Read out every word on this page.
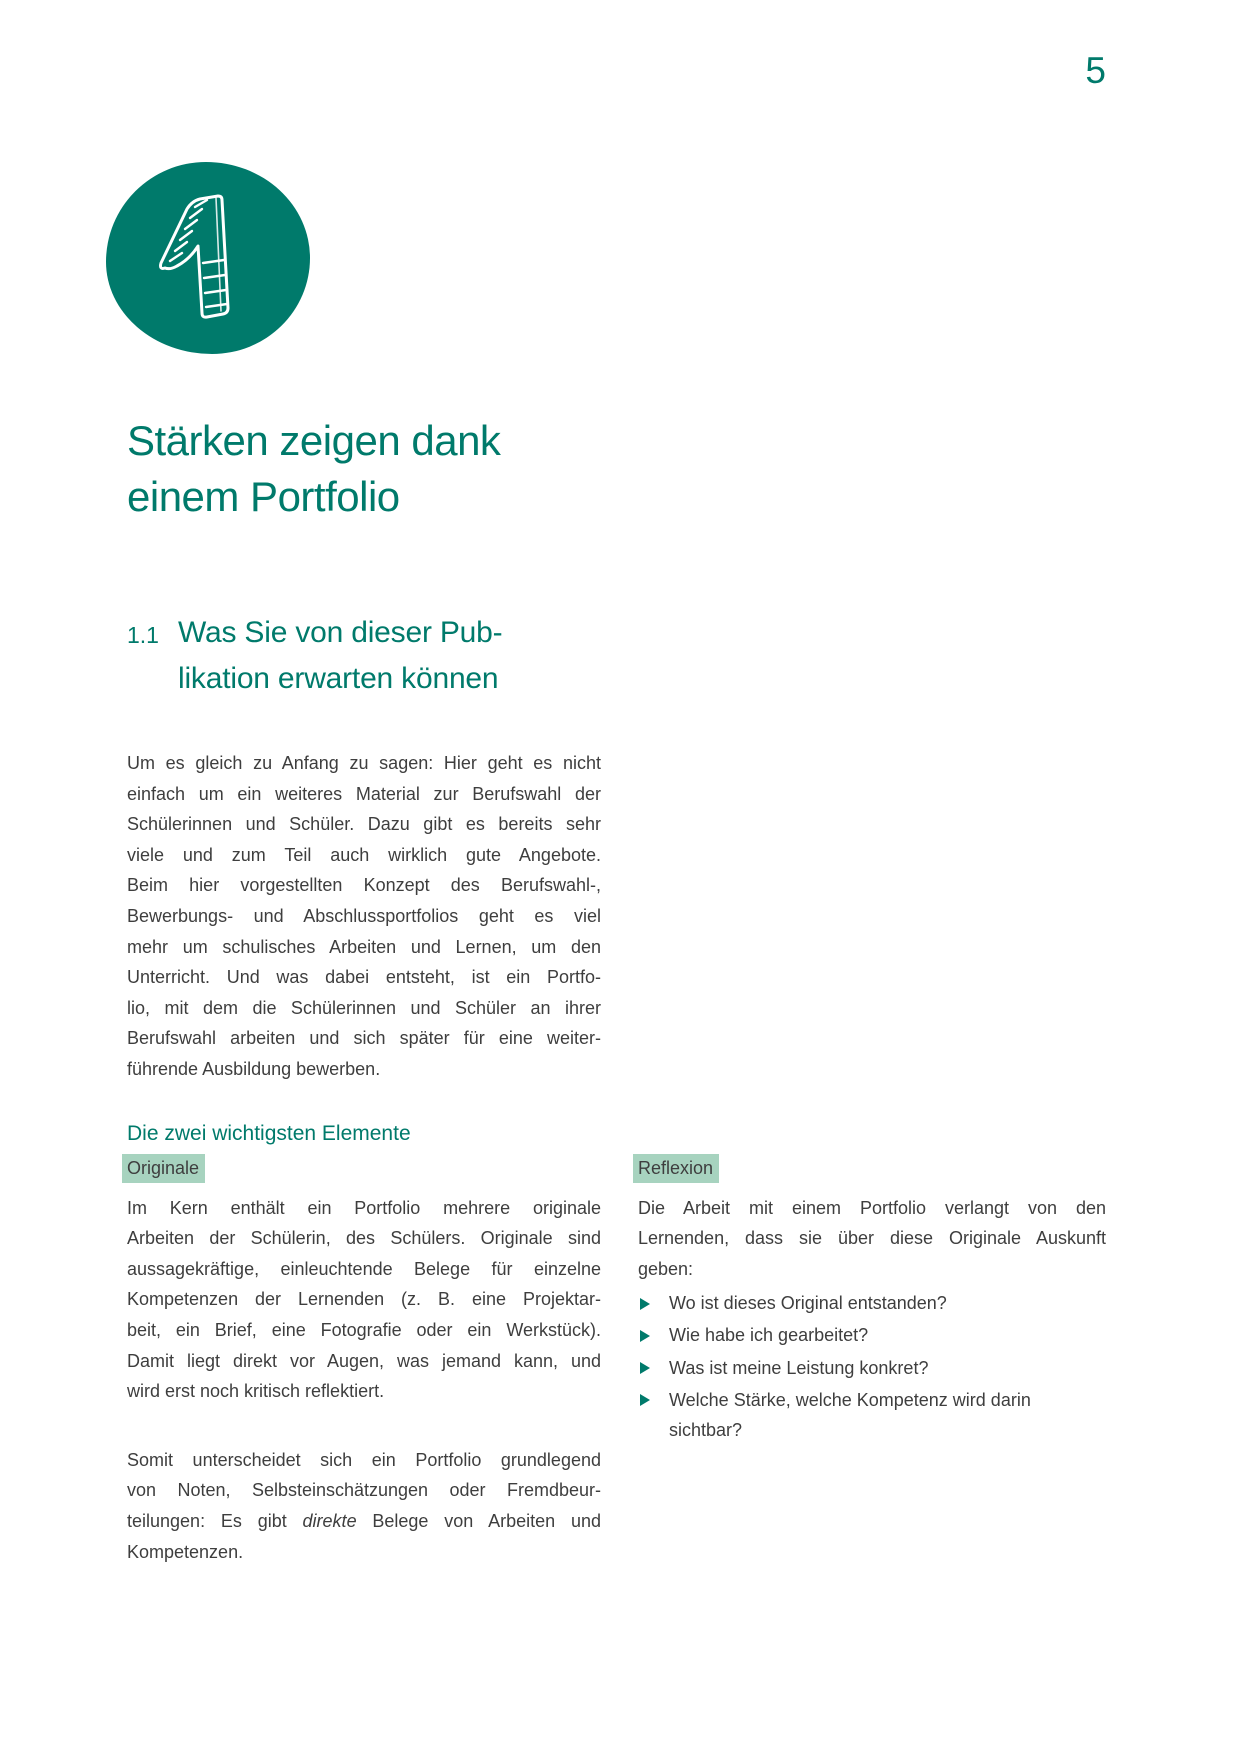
5
Stärken zeigen dank
einem Portfolio
1.1 Was Sie von dieser Pub-
likation erwarten können
Um es gleich zu Anfang zu sagen: Hier geht es nicht
einfach um ein weiteres Material zur Berufswahl der
Schülerinnen und Schüler. Dazu gibt es bereits sehr
viele und zum Teil auch wirklich gute Angebote.
Beim hier vorgestellten Konzept des Berufswahl-,
Bewerbungs- und Abschlussportfolios geht es viel
mehr um schulisches Arbeiten und Lernen, um den
Unterricht. Und was dabei entsteht, ist ein Portfo-
lio, mit dem die Schülerinnen und Schüler an ihrer
Berufswahl arbeiten und sich später für eine weiter-
führende Ausbildung bewerben.
Die zwei wichtigsten Elemente
Originale
Im Kern enthält ein Portfolio mehrere originale
Arbeiten der Schülerin, des Schülers. Originale sind
aussagekräftige, einleuchtende Belege für einzelne
Kompetenzen der Lernenden (z. B. eine Projektar-
beit, ein Brief, eine Fotografie oder ein Werkstück).
Damit liegt direkt vor Augen, was jemand kann, und
wird erst noch kritisch reflektiert.
Somit unterscheidet sich ein Portfolio grundlegend
von Noten, Selbsteinschätzungen oder Fremdbeur-
teilungen: Es gibt direkte Belege von Arbeiten und
Kompetenzen.
Reflexion
Die Arbeit mit einem Portfolio verlangt von den
Lernenden, dass sie über diese Originale Auskunft
geben:
Wo ist dieses Original entstanden?
Wie habe ich gearbeitet?
Was ist meine Leistung konkret?
Welche Stärke, welche Kompetenz wird darin sichtbar?
